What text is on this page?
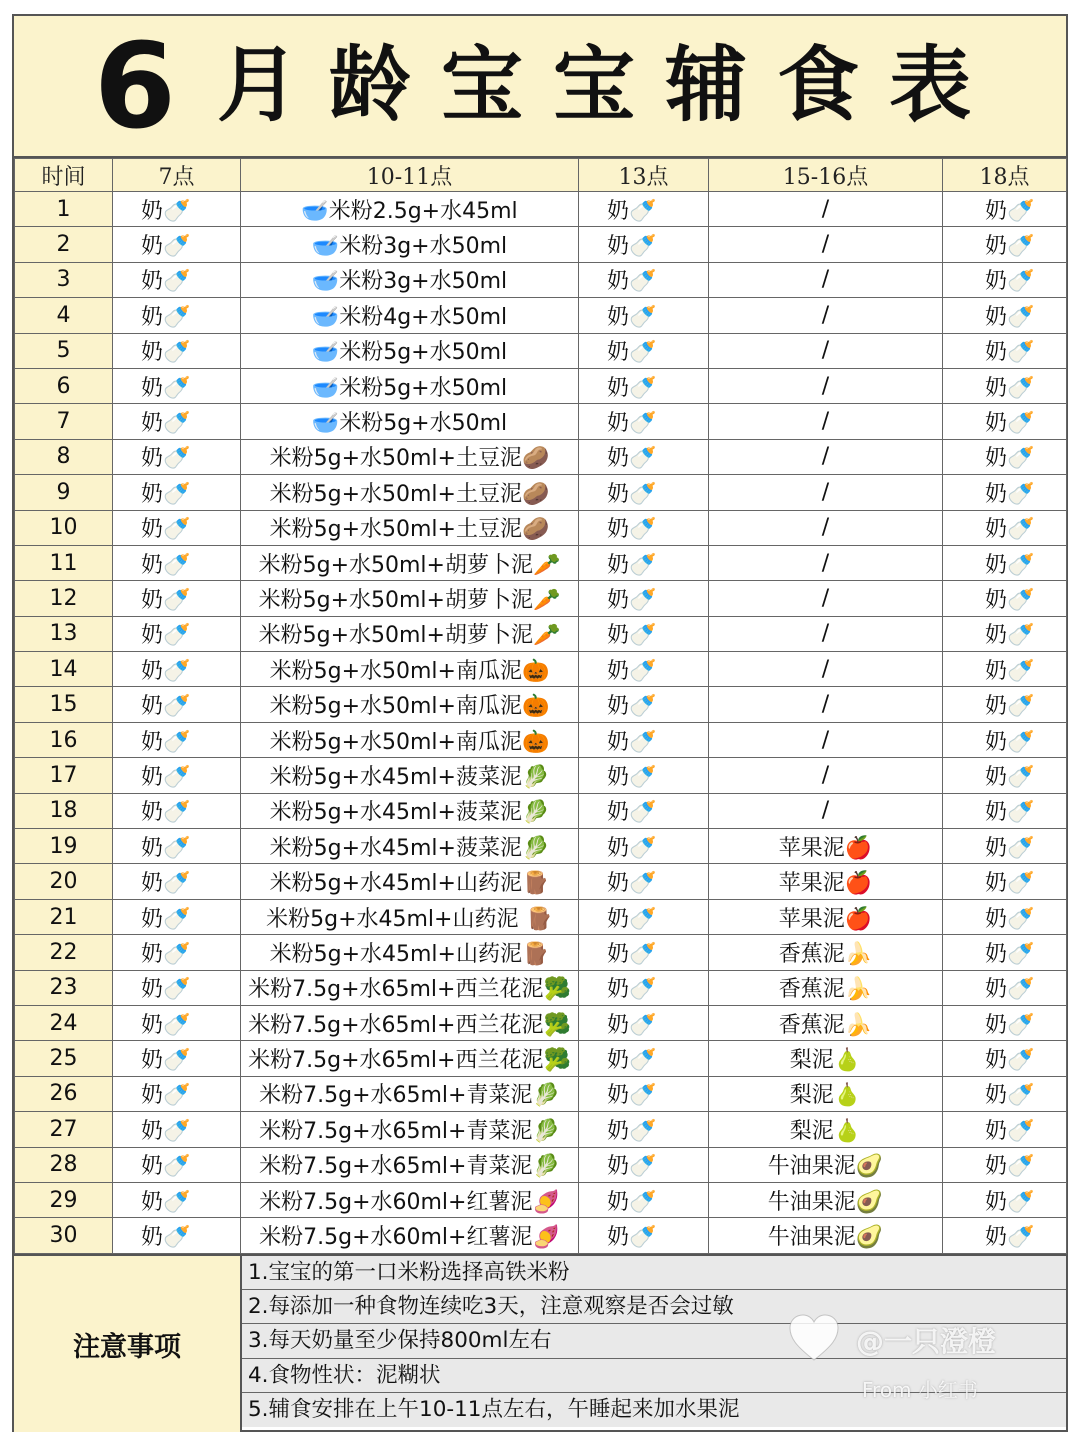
6 月 龄 宝 宝 辅 食 表
时间	7点	10-11点	13点	15-16点	18点
1	奶🍼	🥣米粉2.5g+水45ml	奶🍼	/	奶🍼
2	奶🍼	🥣米粉3g+水50ml	奶🍼	/	奶🍼
3	奶🍼	🥣米粉3g+水50ml	奶🍼	/	奶🍼
4	奶🍼	🥣米粉4g+水50ml	奶🍼	/	奶🍼
5	奶🍼	🥣米粉5g+水50ml	奶🍼	/	奶🍼
6	奶🍼	🥣米粉5g+水50ml	奶🍼	/	奶🍼
7	奶🍼	🥣米粉5g+水50ml	奶🍼	/	奶🍼
8	奶🍼	米粉5g+水50ml+土豆泥🥔	奶🍼	/	奶🍼
9	奶🍼	米粉5g+水50ml+土豆泥🥔	奶🍼	/	奶🍼
10	奶🍼	米粉5g+水50ml+土豆泥🥔	奶🍼	/	奶🍼
11	奶🍼	米粉5g+水50ml+胡萝卜泥🥕	奶🍼	/	奶🍼
12	奶🍼	米粉5g+水50ml+胡萝卜泥🥕	奶🍼	/	奶🍼
13	奶🍼	米粉5g+水50ml+胡萝卜泥🥕	奶🍼	/	奶🍼
14	奶🍼	米粉5g+水50ml+南瓜泥🎃	奶🍼	/	奶🍼
15	奶🍼	米粉5g+水50ml+南瓜泥🎃	奶🍼	/	奶🍼
16	奶🍼	米粉5g+水50ml+南瓜泥🎃	奶🍼	/	奶🍼
17	奶🍼	米粉5g+水45ml+菠菜泥🥬	奶🍼	/	奶🍼
18	奶🍼	米粉5g+水45ml+菠菜泥🥬	奶🍼	/	奶🍼
19	奶🍼	米粉5g+水45ml+菠菜泥🥬	奶🍼	苹果泥🍎	奶🍼
20	奶🍼	米粉5g+水45ml+山药泥🪵	奶🍼	苹果泥🍎	奶🍼
21	奶🍼	米粉5g+水45ml+山药泥 🪵	奶🍼	苹果泥🍎	奶🍼
22	奶🍼	米粉5g+水45ml+山药泥🪵	奶🍼	香蕉泥🍌	奶🍼
23	奶🍼	米粉7.5g+水65ml+西兰花泥🥦	奶🍼	香蕉泥🍌	奶🍼
24	奶🍼	米粉7.5g+水65ml+西兰花泥🥦	奶🍼	香蕉泥🍌	奶🍼
25	奶🍼	米粉7.5g+水65ml+西兰花泥🥦	奶🍼	梨泥🍐	奶🍼
26	奶🍼	米粉7.5g+水65ml+青菜泥🥬	奶🍼	梨泥🍐	奶🍼
27	奶🍼	米粉7.5g+水65ml+青菜泥🥬	奶🍼	梨泥🍐	奶🍼
28	奶🍼	米粉7.5g+水65ml+青菜泥🥬	奶🍼	牛油果泥🥑	奶🍼
29	奶🍼	米粉7.5g+水60ml+红薯泥🍠	奶🍼	牛油果泥🥑	奶🍼
30	奶🍼	米粉7.5g+水60ml+红薯泥🍠	奶🍼	牛油果泥🥑	奶🍼
注意事项
1.宝宝的第一口米粉选择高铁米粉
2.每添加一种食物连续吃3天，注意观察是否会过敏
3.每天奶量至少保持800ml左右
4.食物性状：泥糊状
5.辅食安排在上午10-11点左右，午睡起来加水果泥
@一只澄橙
From 小红书
